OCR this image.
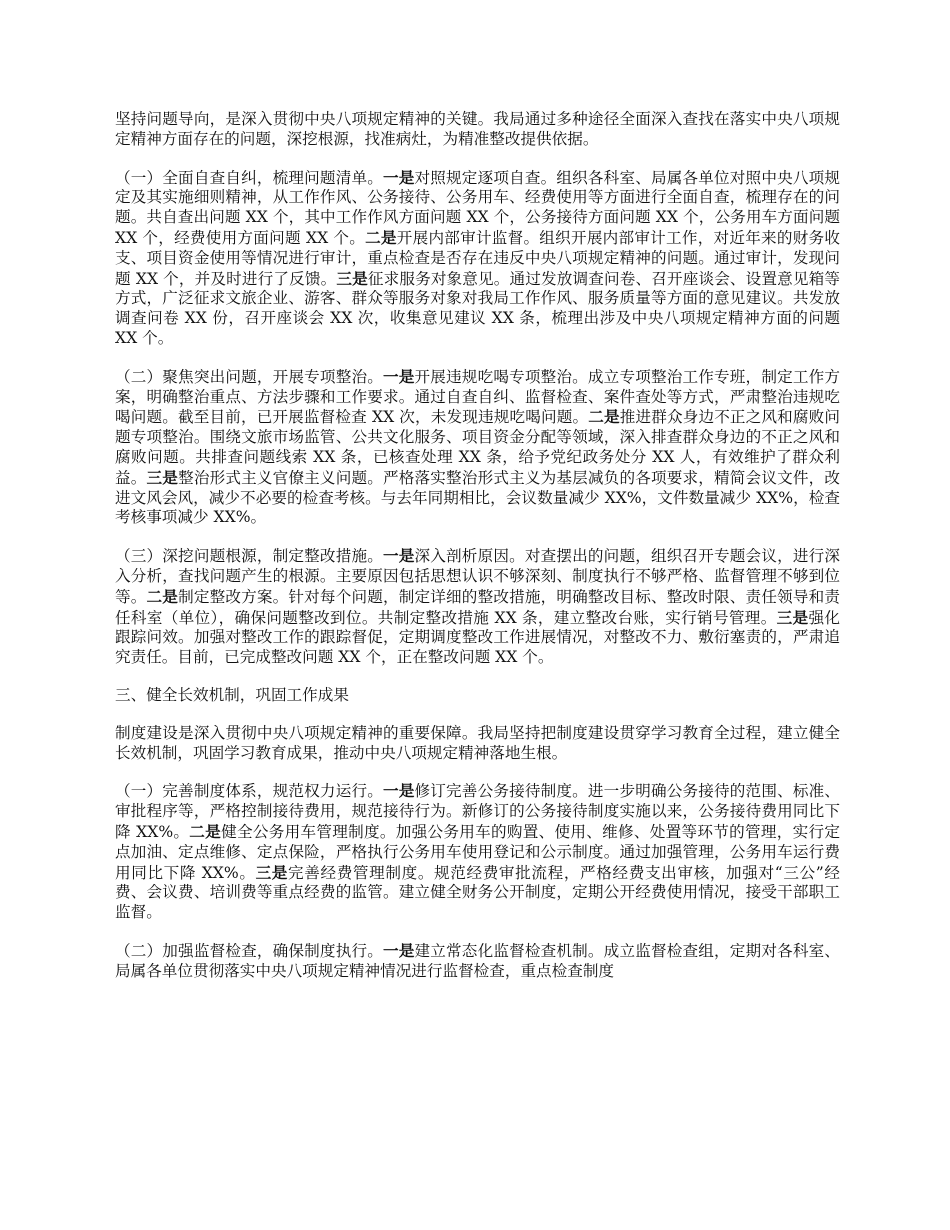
坚持问题导向，是深入贯彻中央八项规定精神的关键。我局通过多种途径全面深入查找在落实中央八项规定精神方面存在的问题，深挖根源，找准病灶，为精准整改提供依据。

（一）全面自查自纠，梳理问题清单。一是对照规定逐项自查。组织各科室、局属各单位对照中央八项规定及其实施细则精神，从工作作风、公务接待、公务用车、经费使用等方面进行全面自查，梳理存在的问题。共自查出问题 XX 个，其中工作作风方面问题 XX 个，公务接待方面问题 XX 个，公务用车方面问题 XX 个，经费使用方面问题 XX 个。二是开展内部审计监督。组织开展内部审计工作，对近年来的财务收支、项目资金使用等情况进行审计，重点检查是否存在违反中央八项规定精神的问题。通过审计，发现问题 XX 个，并及时进行了反馈。三是征求服务对象意见。通过发放调查问卷、召开座谈会、设置意见箱等方式，广泛征求文旅企业、游客、群众等服务对象对我局工作作风、服务质量等方面的意见建议。共发放调查问卷 XX 份，召开座谈会 XX 次，收集意见建议 XX 条，梳理出涉及中央八项规定精神方面的问题 XX 个。

（二）聚焦突出问题，开展专项整治。一是开展违规吃喝专项整治。成立专项整治工作专班，制定工作方案，明确整治重点、方法步骤和工作要求。通过自查自纠、监督检查、案件查处等方式，严肃整治违规吃喝问题。截至目前，已开展监督检查 XX 次，未发现违规吃喝问题。二是推进群众身边不正之风和腐败问题专项整治。围绕文旅市场监管、公共文化服务、项目资金分配等领域，深入排查群众身边的不正之风和腐败问题。共排查问题线索 XX 条，已核查处理 XX 条，给予党纪政务处分 XX 人，有效维护了群众利益。三是整治形式主义官僚主义问题。严格落实整治形式主义为基层减负的各项要求，精简会议文件，改进文风会风，减少不必要的检查考核。与去年同期相比，会议数量减少 XX%，文件数量减少 XX%，检查考核事项减少 XX%。

（三）深挖问题根源，制定整改措施。一是深入剖析原因。对查摆出的问题，组织召开专题会议，进行深入分析，查找问题产生的根源。主要原因包括思想认识不够深刻、制度执行不够严格、监督管理不够到位等。二是制定整改方案。针对每个问题，制定详细的整改措施，明确整改目标、整改时限、责任领导和责任科室（单位），确保问题整改到位。共制定整改措施 XX 条，建立整改台账，实行销号管理。三是强化跟踪问效。加强对整改工作的跟踪督促，定期调度整改工作进展情况，对整改不力、敷衍塞责的，严肃追究责任。目前，已完成整改问题 XX 个，正在整改问题 XX 个。

三、健全长效机制，巩固工作成果

制度建设是深入贯彻中央八项规定精神的重要保障。我局坚持把制度建设贯穿学习教育全过程，建立健全长效机制，巩固学习教育成果，推动中央八项规定精神落地生根。

（一）完善制度体系，规范权力运行。一是修订完善公务接待制度。进一步明确公务接待的范围、标准、审批程序等，严格控制接待费用，规范接待行为。新修订的公务接待制度实施以来，公务接待费用同比下降 XX%。二是健全公务用车管理制度。加强公务用车的购置、使用、维修、处置等环节的管理，实行定点加油、定点维修、定点保险，严格执行公务用车使用登记和公示制度。通过加强管理，公务用车运行费用同比下降 XX%。三是完善经费管理制度。规范经费审批流程，严格经费支出审核，加强对“三公”经费、会议费、培训费等重点经费的监管。建立健全财务公开制度，定期公开经费使用情况，接受干部职工监督。

（二）加强监督检查，确保制度执行。一是建立常态化监督检查机制。成立监督检查组，定期对各科室、局属各单位贯彻落实中央八项规定精神情况进行监督检查，重点检查制度
